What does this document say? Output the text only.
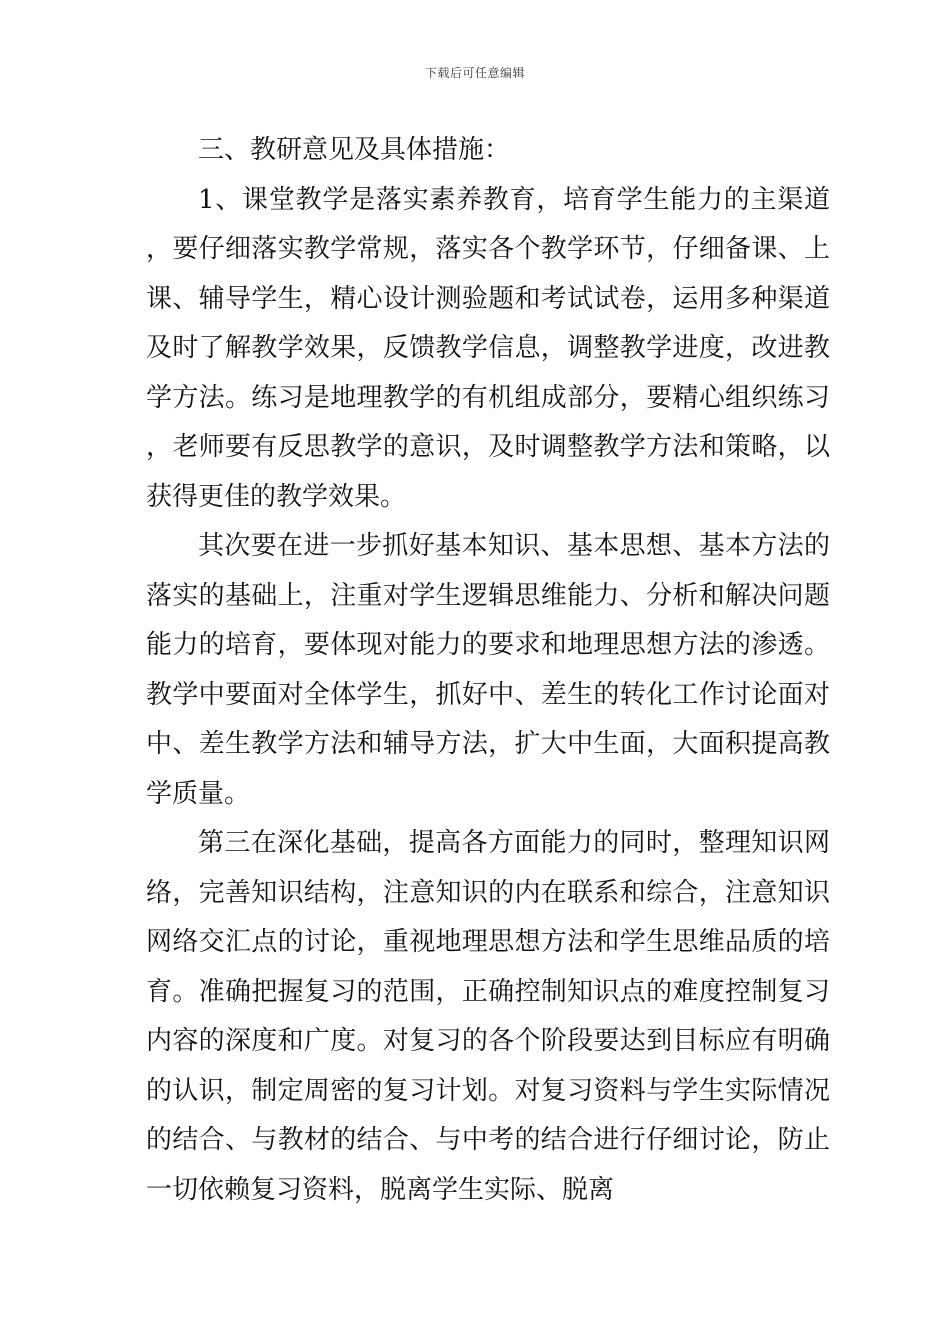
下载后可任意编辑

三、教研意见及具体措施：

1、课堂教学是落实素养教育，培育学生能力的主渠道，要仔细落实教学常规，落实各个教学环节，仔细备课、上课、辅导学生，精心设计测验题和考试试卷，运用多种渠道及时了解教学效果，反馈教学信息，调整教学进度，改进教学方法。练习是地理教学的有机组成部分，要精心组织练习，老师要有反思教学的意识，及时调整教学方法和策略，以获得更佳的教学效果。

其次要在进一步抓好基本知识、基本思想、基本方法的落实的基础上，注重对学生逻辑思维能力、分析和解决问题能力的培育，要体现对能力的要求和地理思想方法的渗透。教学中要面对全体学生，抓好中、差生的转化工作讨论面对中、差生教学方法和辅导方法，扩大中生面，大面积提高教学质量。

第三在深化基础，提高各方面能力的同时，整理知识网络，完善知识结构，注意知识的内在联系和综合，注意知识网络交汇点的讨论，重视地理思想方法和学生思维品质的培育。准确把握复习的范围，正确控制知识点的难度控制复习内容的深度和广度。对复习的各个阶段要达到目标应有明确的认识，制定周密的复习计划。对复习资料与学生实际情况的结合、与教材的结合、与中考的结合进行仔细讨论，防止一切依赖复习资料，脱离学生实际、脱离
